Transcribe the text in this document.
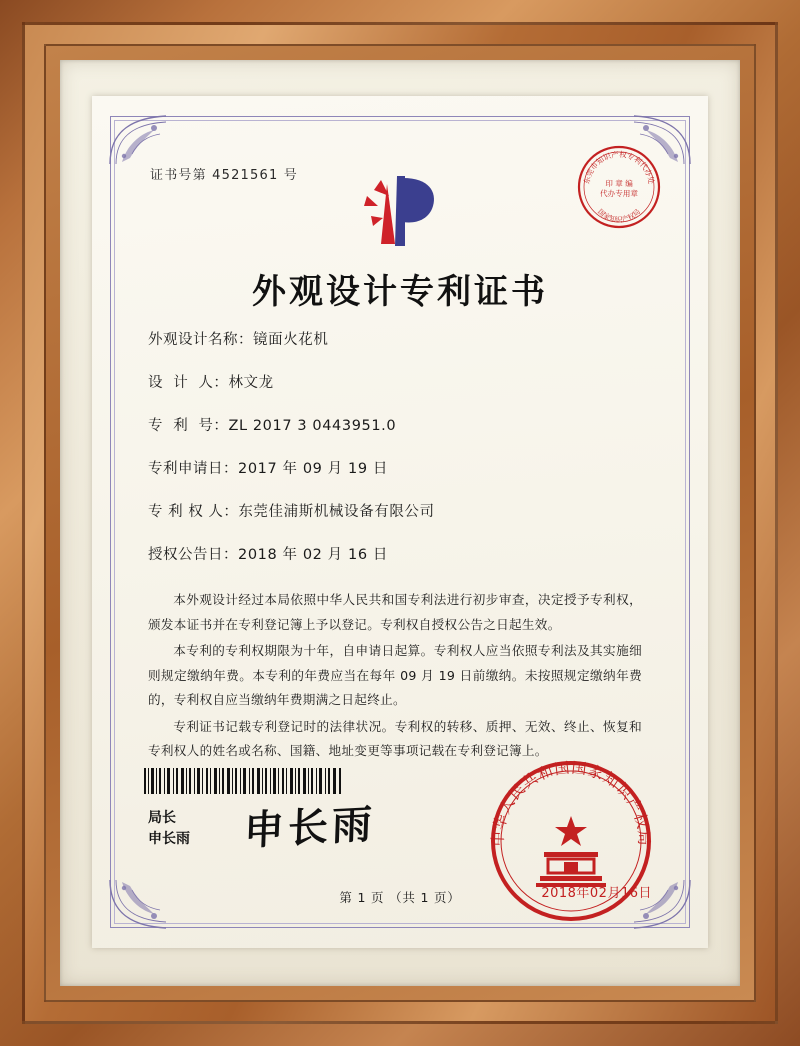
证书号第 4521561 号	东莞市知识产权专利代办处
国家知识产权局
印 章 编
代办专用章
外观设计专利证书
外观设计名称： 镜面火花机
设  计  人： 林文龙
专  利  号： ZL 2017 3 0443951.0
专利申请日： 2017 年 09 月 19 日
专 利 权 人： 东莞佳浦斯机械设备有限公司
授权公告日： 2018 年 02 月 16 日

本外观设计经过本局依照中华人民共和国专利法进行初步审查，决定授予专利权，颁发本证书并在专利登记簿上予以登记。专利权自授权公告之日起生效。

本专利的专利权期限为十年，自申请日起算。专利权人应当依照专利法及其实施细则规定缴纳年费。本专利的年费应当在每年 09 月 19 日前缴纳。未按照规定缴纳年费的，专利权自应当缴纳年费期满之日起终止。

专利证书记载专利登记时的法律状况。专利权的转移、质押、无效、终止、恢复和专利权人的姓名或名称、国籍、地址变更等事项记载在专利登记簿上。

局长
申长雨 申长雨	中华人民共和国国家知识产权局
2018年02月16日
第 1 页 （共 1 页）
